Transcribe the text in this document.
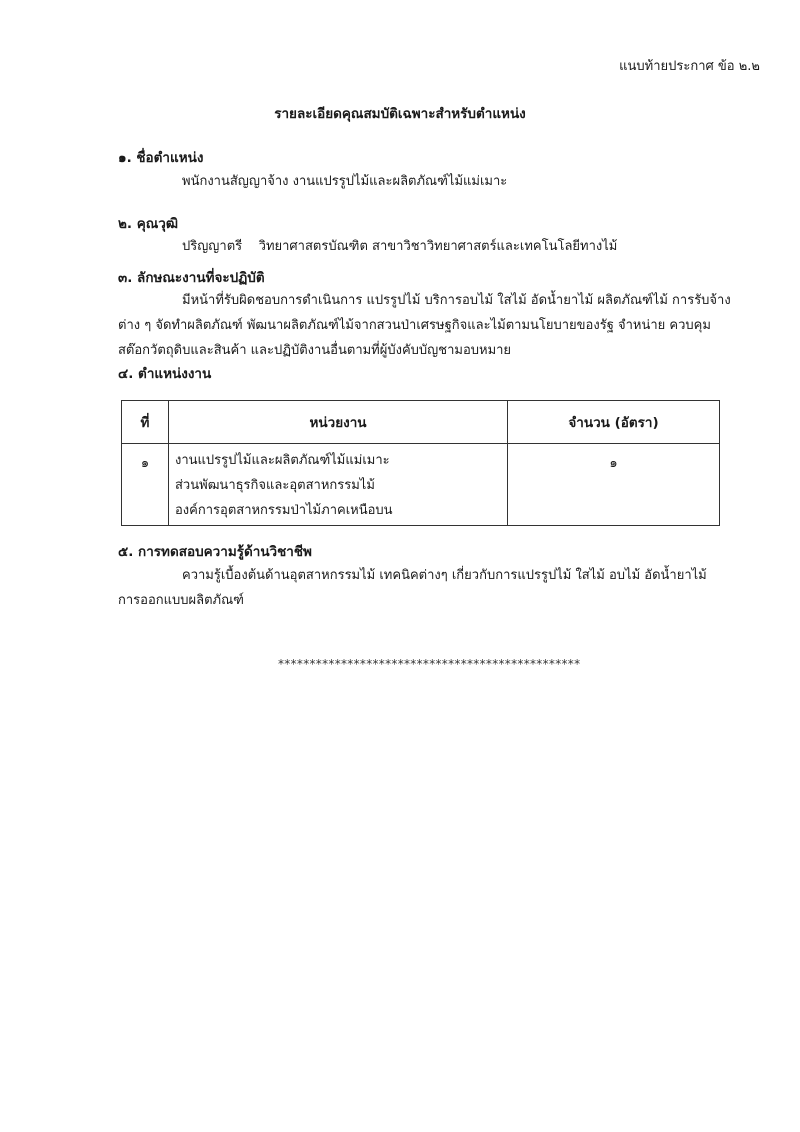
แนบท้ายประกาศ ข้อ ๒.๒
รายละเอียดคุณสมบัติเฉพาะสำหรับตำแหน่ง
๑. ชื่อตำแหน่ง
พนักงานสัญญาจ้าง งานแปรรูปไม้และผลิตภัณฑ์ไม้แม่เมาะ
๒. คุณวุฒิ
ปริญญาตรี    วิทยาศาสตรบัณฑิต สาขาวิชาวิทยาศาสตร์และเทคโนโลยีทางไม้
๓. ลักษณะงานที่จะปฏิบัติ
มีหน้าที่รับผิดชอบการดำเนินการ แปรรูปไม้ บริการอบไม้ ใสไม้ อัดน้ำยาไม้ ผลิตภัณฑ์ไม้ การรับจ้าง
ต่าง ๆ จัดทำผลิตภัณฑ์ พัฒนาผลิตภัณฑ์ไม้จากสวนป่าเศรษฐกิจและไม้ตามนโยบายของรัฐ จำหน่าย ควบคุม
สต๊อกวัตถุดิบและสินค้า และปฏิบัติงานอื่นตามที่ผู้บังคับบัญชามอบหมาย
๔. ตำแหน่งงาน
ที่	หน่วยงาน	จำนวน (อัตรา)
๑	งานแปรรูปไม้และผลิตภัณฑ์ไม้แม่เมาะ
ส่วนพัฒนาธุรกิจและอุตสาหกรรมไม้
องค์การอุตสาหกรรมป่าไม้ภาคเหนือบน	๑
๕. การทดสอบความรู้ด้านวิชาชีพ
ความรู้เบื้องต้นด้านอุตสาหกรรมไม้ เทคนิคต่างๆ เกี่ยวกับการแปรรูปไม้ ใสไม้ อบไม้ อัดน้ำยาไม้
การออกแบบผลิตภัณฑ์
************************************************
